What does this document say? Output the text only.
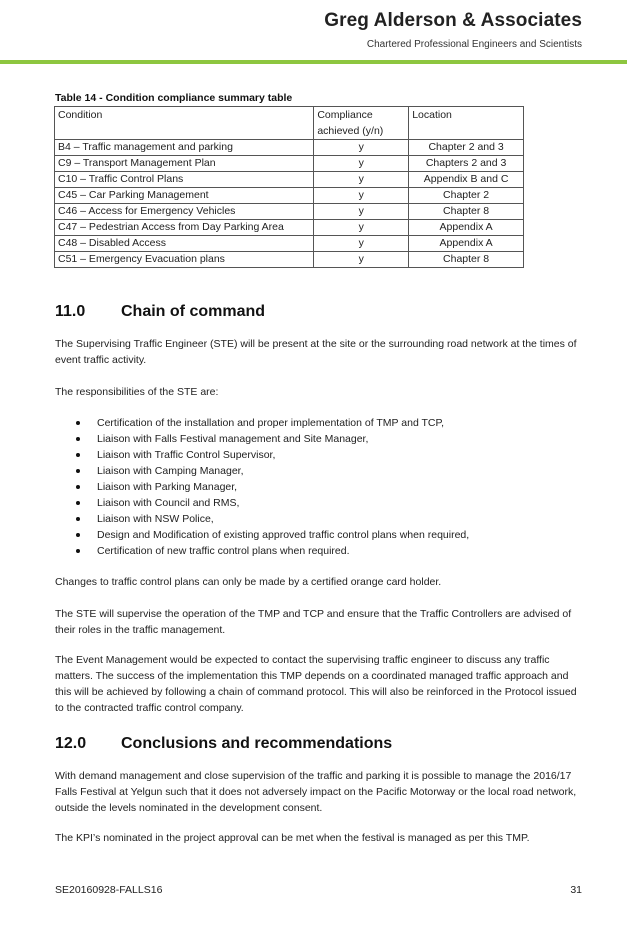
Greg Alderson & Associates
Chartered Professional Engineers and Scientists
Table 14 - Condition compliance summary table
Condition	Compliance achieved (y/n)	Location
B4 – Traffic management and parking	y	Chapter 2 and 3
C9 – Transport Management Plan	y	Chapters 2 and 3
C10 – Traffic Control Plans	y	Appendix B and C
C45 – Car Parking Management	y	Chapter 2
C46 – Access for Emergency Vehicles	y	Chapter 8
C47 – Pedestrian Access from Day Parking Area	y	Appendix A
C48 – Disabled Access	y	Appendix A
C51 – Emergency Evacuation plans	y	Chapter 8
11.0 Chain of command
The Supervising Traffic Engineer (STE) will be present at the site or the surrounding road network at the times of event traffic activity.
The responsibilities of the STE are:
Certification of the installation and proper implementation of TMP and TCP,
Liaison with Falls Festival management and Site Manager,
Liaison with Traffic Control Supervisor,
Liaison with Camping Manager,
Liaison with Parking Manager,
Liaison with Council and RMS,
Liaison with NSW Police,
Design and Modification of existing approved traffic control plans when required,
Certification of new traffic control plans when required.
Changes to traffic control plans can only be made by a certified orange card holder.
The STE will supervise the operation of the TMP and TCP and ensure that the Traffic Controllers are advised of their roles in the traffic management.
The Event Management would be expected to contact the supervising traffic engineer to discuss any traffic matters. The success of the implementation this TMP depends on a coordinated managed traffic approach and this will be achieved by following a chain of command protocol. This will also be reinforced in the Protocol issued to the contracted traffic control company.
12.0 Conclusions and recommendations
With demand management and close supervision of the traffic and parking it is possible to manage the 2016/17 Falls Festival at Yelgun such that it does not adversely impact on the Pacific Motorway or the local road network, outside the levels nominated in the development consent.
The KPI’s nominated in the project approval can be met when the festival is managed as per this TMP.
SE20160928-FALLS16	31
